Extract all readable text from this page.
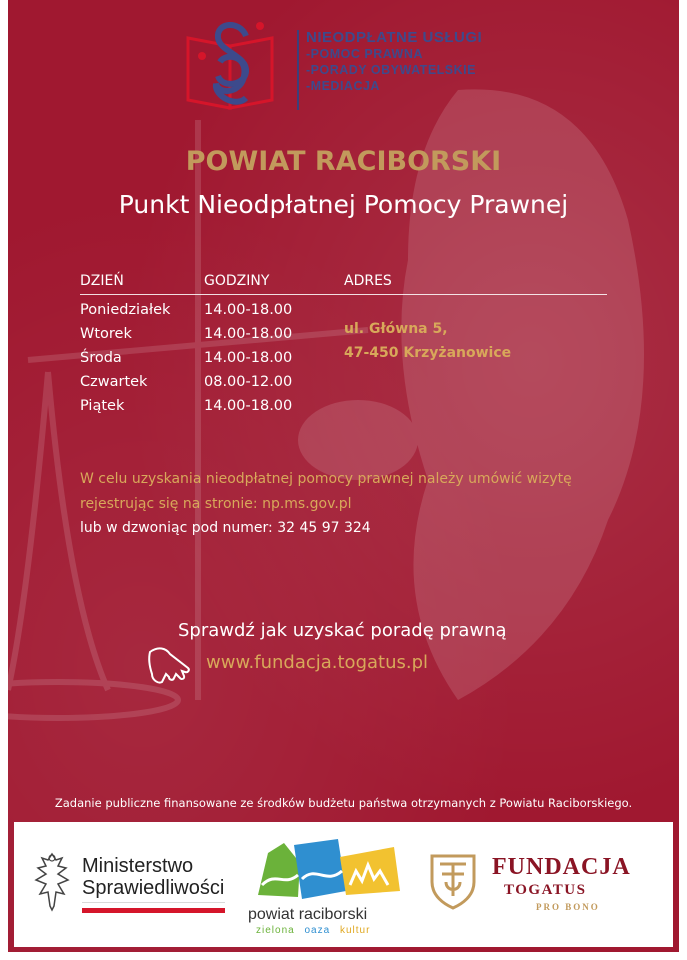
NIEODPŁATNE USŁUGI
-POMOC PRAWNA
-PORADY OBYWATELSKIE
-MEDIACJA
POWIAT RACIBORSKI
Punkt Nieodpłatnej Pomocy Prawnej
DZIEŃ	GODZINY	ADRES
Poniedziałek 14.00-18.00
Wtorek	14.00-18.00
Środa	14.00-18.00
Czwartek	08.00-12.00
Piątek	14.00-18.00
ul. Główna 5,
47-450 Krzyżanowice
W celu uzyskania nieodpłatnej pomocy prawnej należy umówić wizytę
rejestrując się na stronie: np.ms.gov.pl
lub w dzwoniąc pod numer: 32 45 97 324
Sprawdź jak uzyskać poradę prawną
www.fundacja.togatus.pl
Zadanie publiczne finansowane ze środków budżetu państwa otrzymanych z Powiatu Raciborskiego.
Ministerstwo
Sprawiedliwości
powiat raciborski
zielona oaza kultur
FUNDACJA
TOGATUS
PRO BONO
